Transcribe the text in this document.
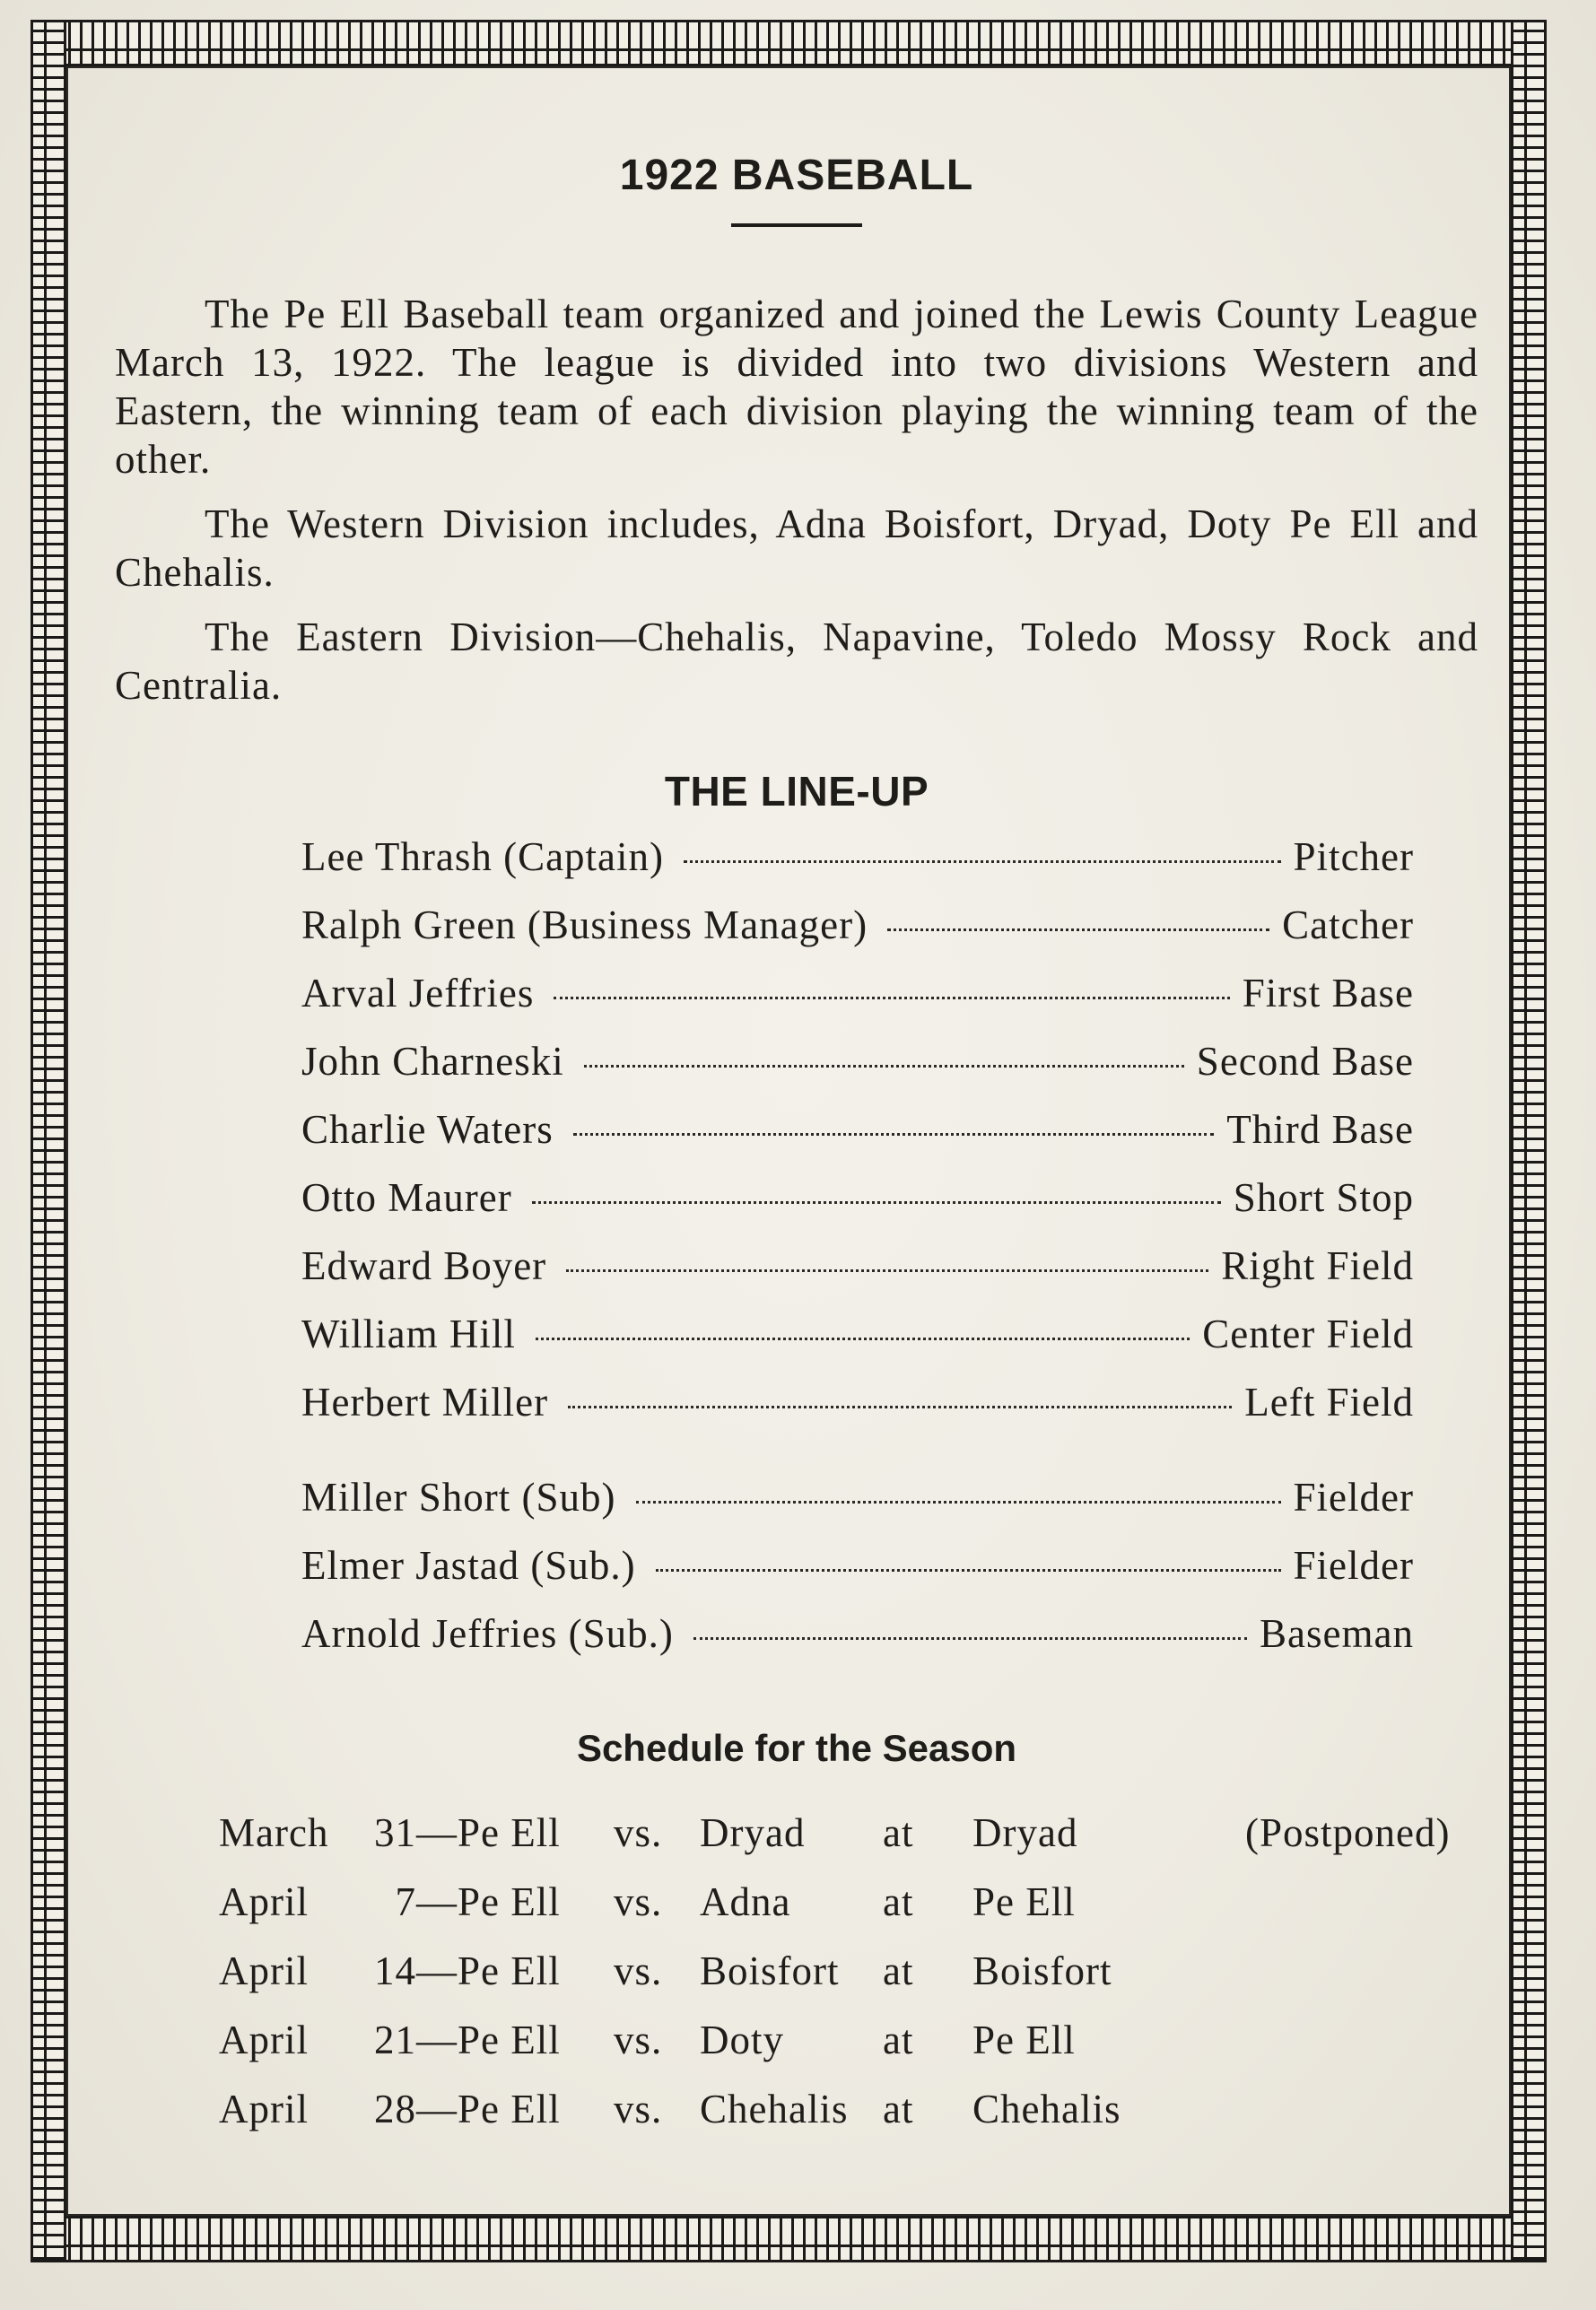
1922 BASEBALL

The Pe Ell Baseball team organized and joined the Lewis County League March 13, 1922. The league is divided into two divisions Western and Eastern, the winning team of each division playing the winning team of the other.

The Western Division includes, Adna Boisfort, Dryad, Doty Pe Ell and Chehalis.

The Eastern Division—Chehalis, Napavine, Toledo Mossy Rock and Centralia.

THE LINE-UP
Lee Thrash (Captain)	Pitcher
Ralph Green (Business Manager)	Catcher
Arval Jeffries	First Base
John Charneski	Second Base
Charlie Waters	Third Base
Otto Maurer	Short Stop
Edward Boyer	Right Field
William Hill	Center Field
Herbert Miller	Left Field
Miller Short (Sub)	Fielder
Elmer Jastad (Sub.)	Fielder
Arnold Jeffries (Sub.)	Baseman
Schedule for the Season
March	31 —Pe Ell vs. Dryad at Dryad	(Postponed)
April	7 —Pe Ell vs. Adna at Pe Ell
April	14 —Pe Ell vs. Boisfort at Boisfort
April	21 —Pe Ell vs. Doty at Pe Ell
April	28 —Pe Ell vs. Chehalis at Chehalis
